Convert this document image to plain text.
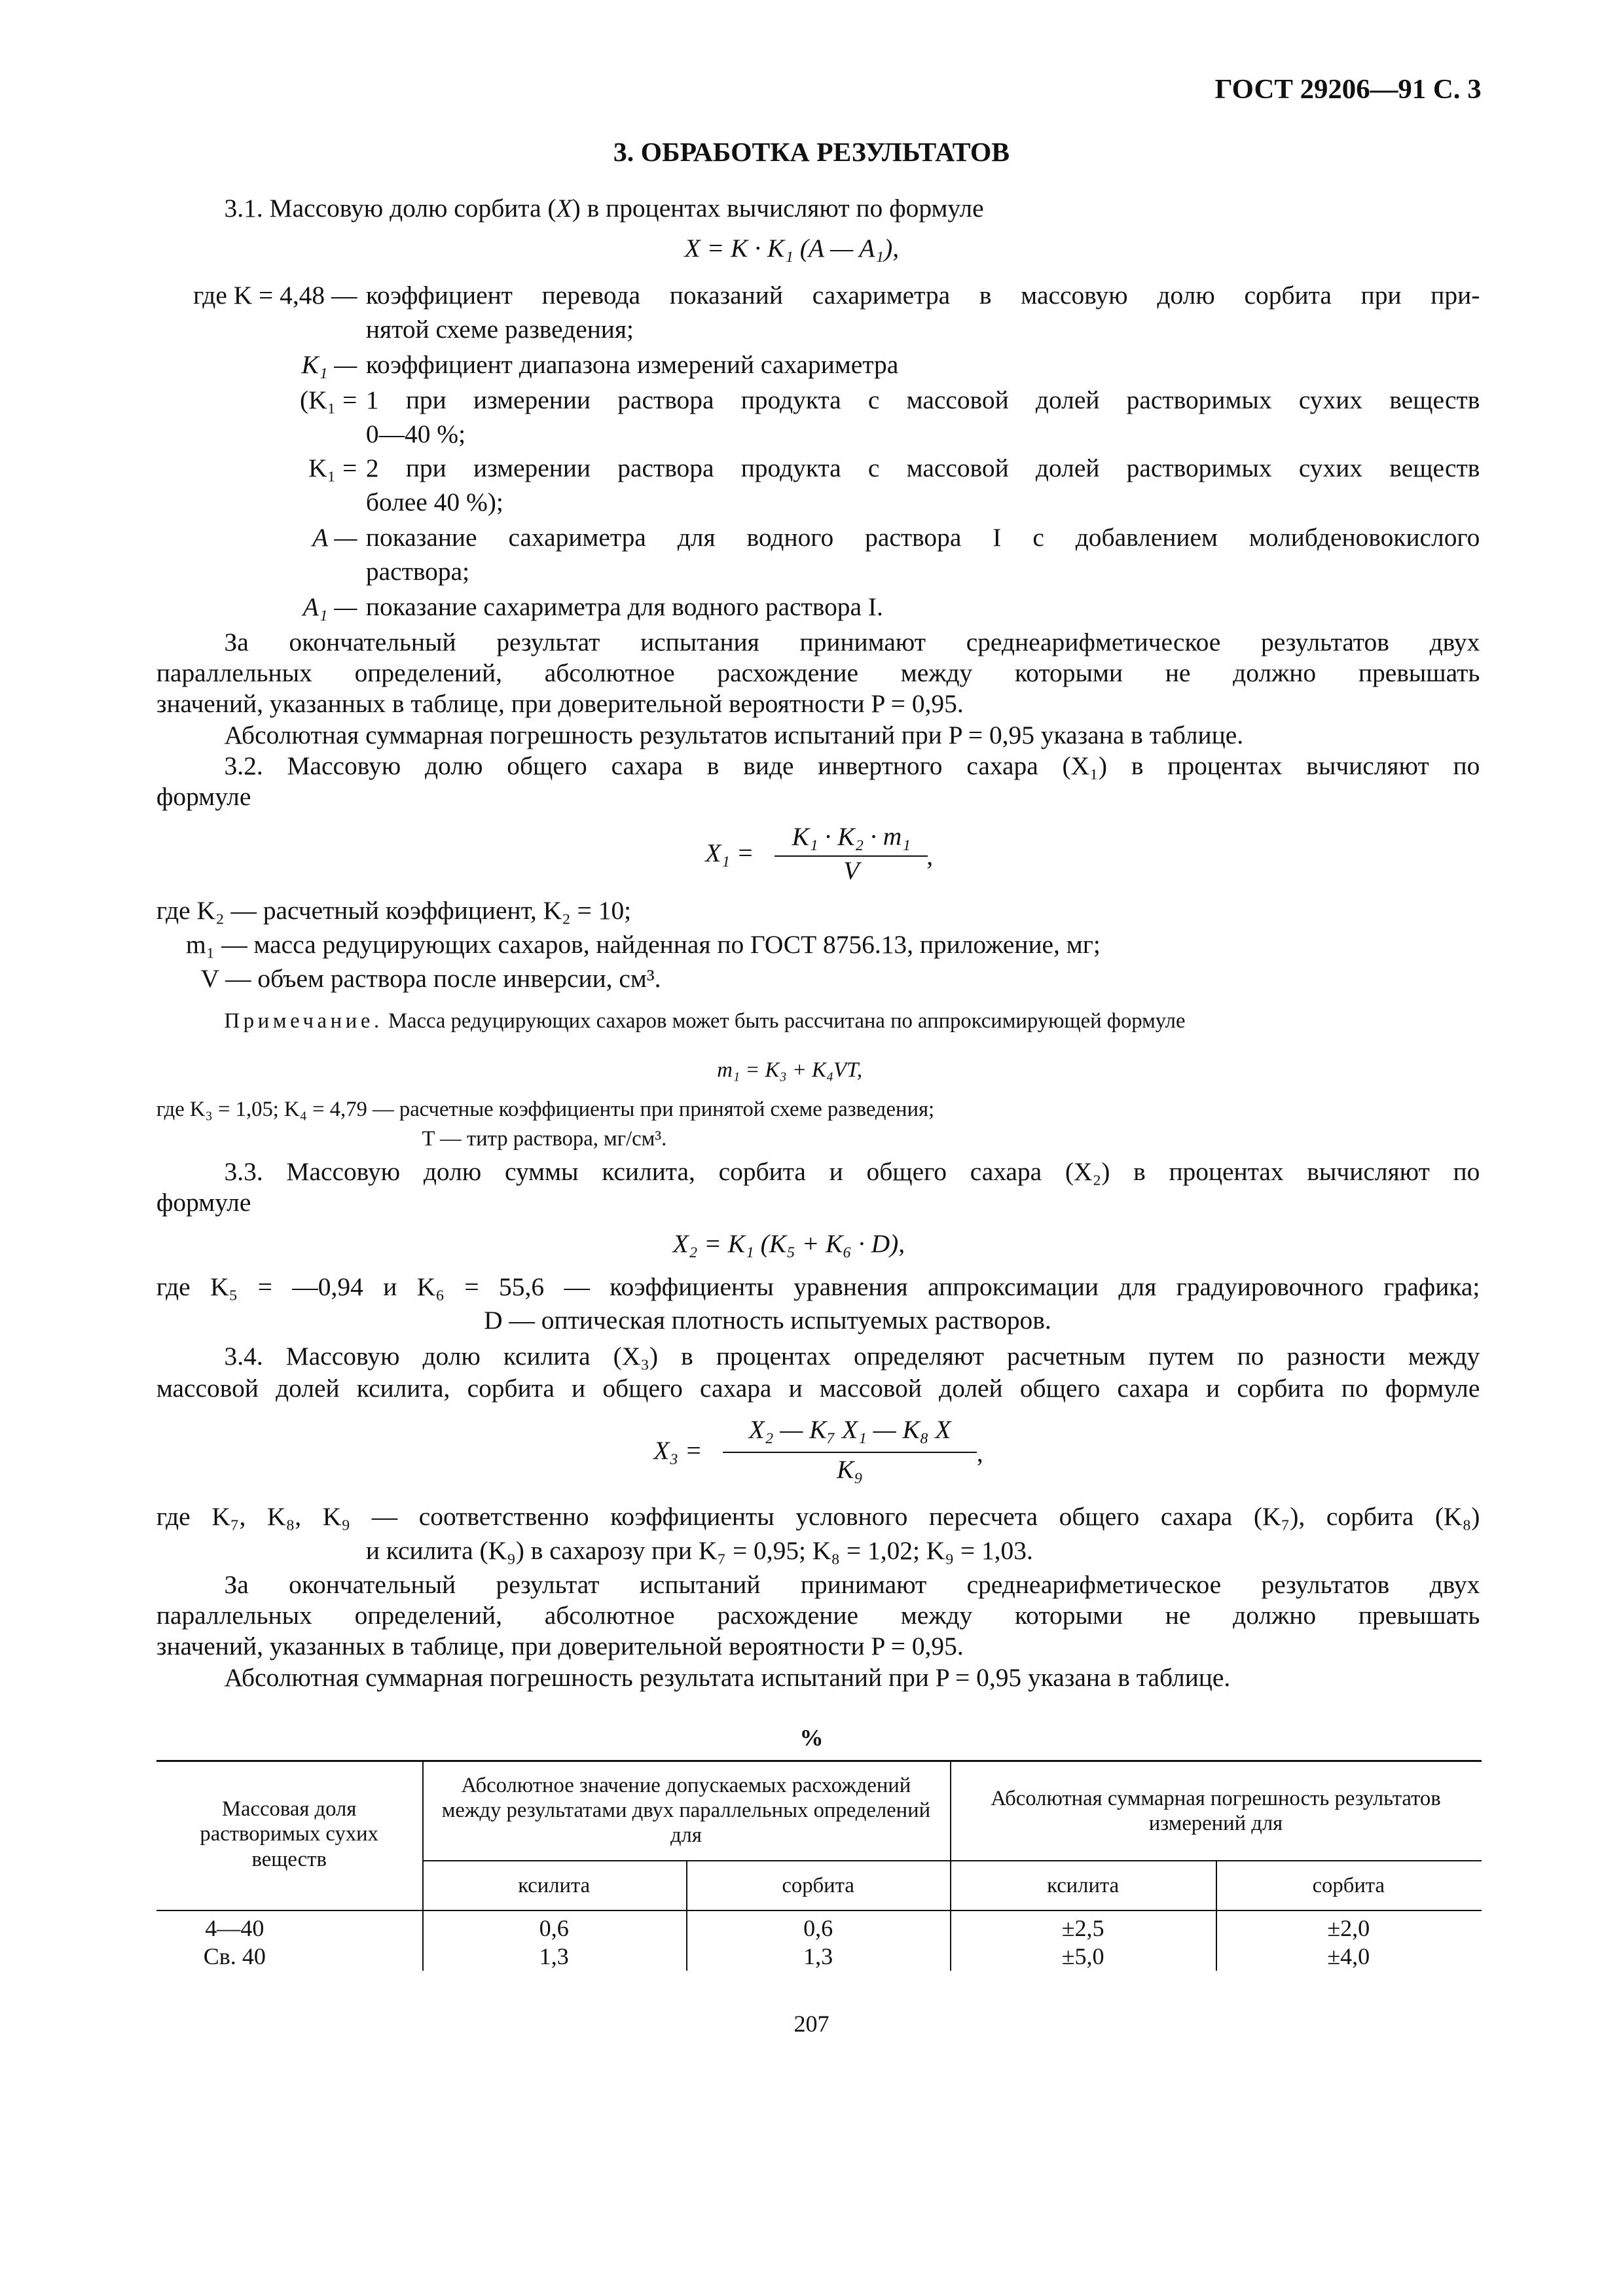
ГОСТ 29206—91 С. 3
3. ОБРАБОТКА РЕЗУЛЬТАТОВ
3.1. Массовую долю сорбита (X) в процентах вычисляют по формуле
X = K · K₁ (A — A₁),
где K = 4,48 — коэффициент перевода показаний сахариметра в массовую долю сорбита при при-
нятой схеме разведения;
K₁ — коэффициент диапазона измерений сахариметра
(K₁ = 1 при измерении раствора продукта с массовой долей растворимых сухих веществ
0—40 %;
K₁ = 2 при измерении раствора продукта с массовой долей растворимых сухих веществ
более 40 %);
A — показание сахариметра для водного раствора I с добавлением молибденовокислого
раствора;
A₁ — показание сахариметра для водного раствора I.
За окончательный результат испытания принимают среднеарифметическое результатов двух
параллельных определений, абсолютное расхождение между которыми не должно превышать
значений, указанных в таблице, при доверительной вероятности P = 0,95.
Абсолютная суммарная погрешность результатов испытаний при P = 0,95 указана в таблице.
3.2. Массовую долю общего сахара в виде инвертного сахара (X₁) в процентах вычисляют по
формуле
X₁ =
K₁ · K₂ · m₁
V
,
где K₂ — расчетный коэффициент, K₂ = 10;
m₁ — масса редуцирующих сахаров, найденная по ГОСТ 8756.13, приложение, мг;
V — объем раствора после инверсии, см³.
Примечание. Масса редуцирующих сахаров может быть рассчитана по аппроксимирующей формуле
m₁ = K₃ + K₄VT,
где K₃ = 1,05; K₄ = 4,79 — расчетные коэффициенты при принятой схеме разведения;
T — титр раствора, мг/см³.
3.3. Массовую долю суммы ксилита, сорбита и общего сахара (X₂) в процентах вычисляют по
формуле
X₂ = K₁ (K₅ + K₆ · D),
где K₅ = —0,94 и K₆ = 55,6 — коэффициенты уравнения аппроксимации для градуировочного графика;
D — оптическая плотность испытуемых растворов.
3.4. Массовую долю ксилита (X₃) в процентах определяют расчетным путем по разности между
массовой долей ксилита, сорбита и общего сахара и массовой долей общего сахара и сорбита по формуле
X₃ =
X₂ — K₇ X₁ — K₈ X
K₉
,
где K₇, K₈, K₉ — соответственно коэффициенты условного пересчета общего сахара (K₇), сорбита (K₈)
и ксилита (K₉) в сахарозу при K₇ = 0,95; K₈ = 1,02; K₉ = 1,03.
За окончательный результат испытаний принимают среднеарифметическое результатов двух
параллельных определений, абсолютное расхождение между которыми не должно превышать
значений, указанных в таблице, при доверительной вероятности P = 0,95.
Абсолютная суммарная погрешность результата испытаний при P = 0,95 указана в таблице.
%
Массовая доля растворимых сухих веществ
Абсолютное значение допускаемых расхождений между результатами двух параллельных определений для
Абсолютная суммарная погрешность результатов измерений для
ксилита	сорбита	ксилита	сорбита
4—40	0,6	0,6	±2,5	±2,0
Св. 40	1,3	1,3	±5,0	±4,0
207
